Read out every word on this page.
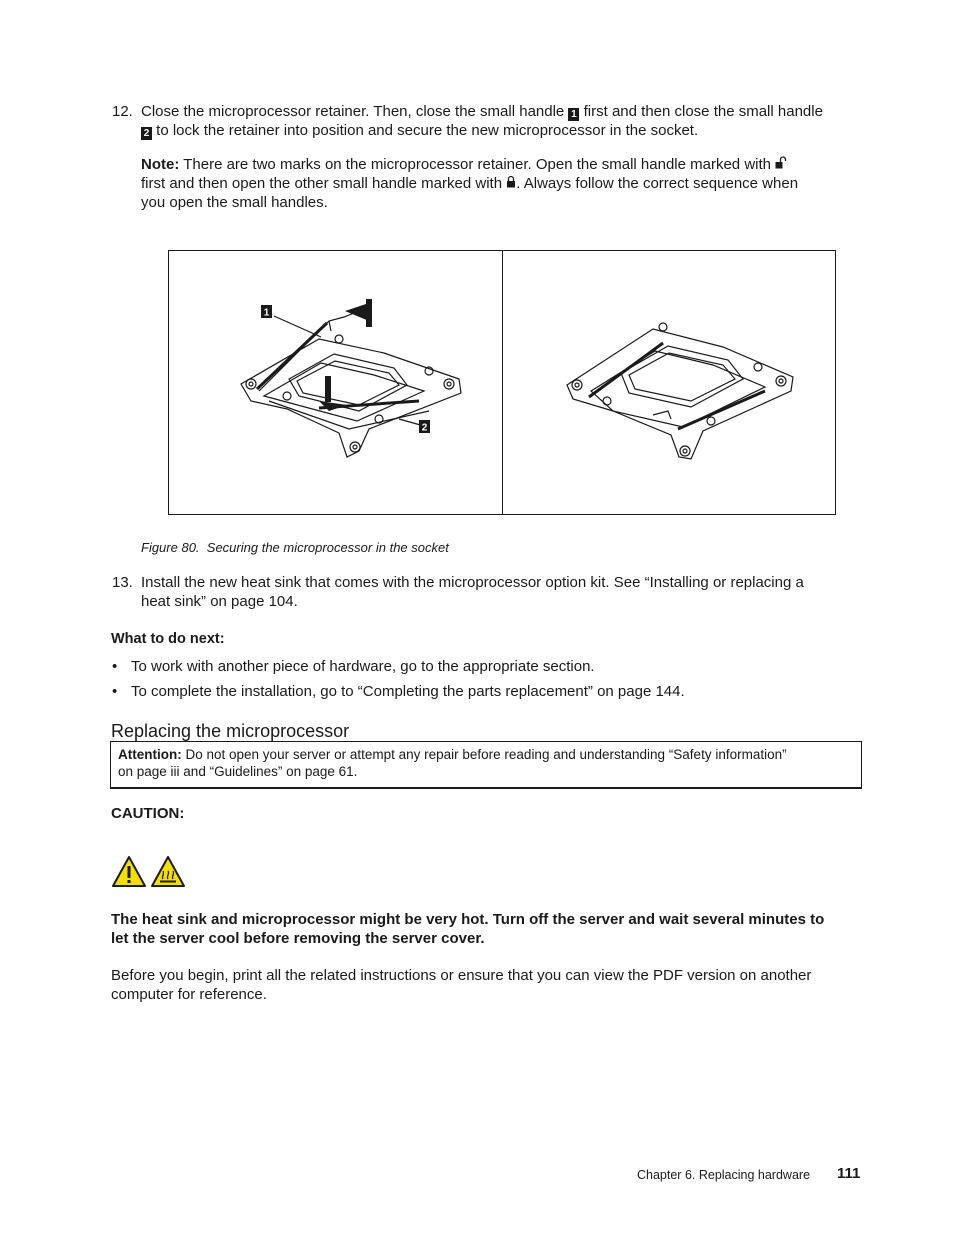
12. Close the microprocessor retainer. Then, close the small handle 1 first and then close the small handle
2 to lock the retainer into position and secure the new microprocessor in the socket.
Note: There are two marks on the microprocessor retainer. Open the small handle marked with
first and then open the other small handle marked with . Always follow the correct sequence when
you open the small handles.
1
2
Figure 80. Securing the microprocessor in the socket
13. Install the new heat sink that comes with the microprocessor option kit. See “Installing or replacing a
heat sink” on page 104.
What to do next:
• To work with another piece of hardware, go to the appropriate section.
• To complete the installation, go to “Completing the parts replacement” on page 144.
Replacing the microprocessor
Attention: Do not open your server or attempt any repair before reading and understanding “Safety information”
on page iii and “Guidelines” on page 61.
CAUTION:
The heat sink and microprocessor might be very hot. Turn off the server and wait several minutes to
let the server cool before removing the server cover.
Before you begin, print all the related instructions or ensure that you can view the PDF version on another
computer for reference.
Chapter 6. Replacing hardware 111
